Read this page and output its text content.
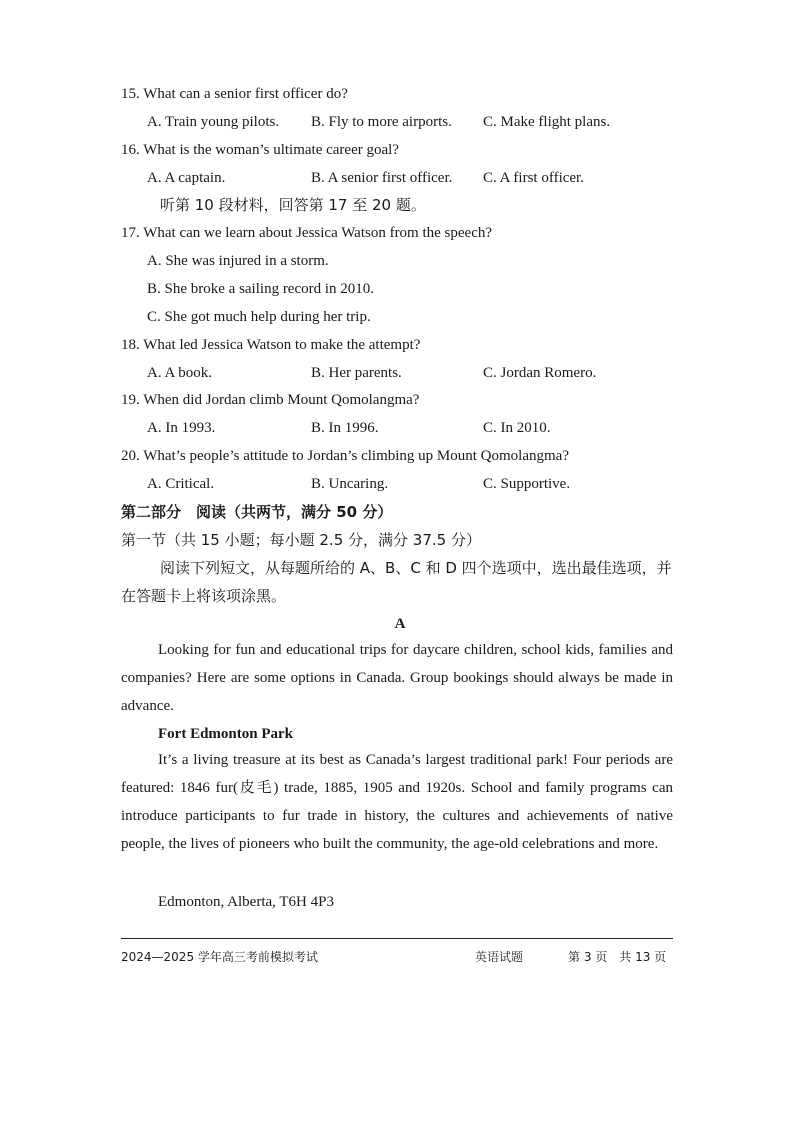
15. What can a senior first officer do?
A. Train young pilots. B. Fly to more airports. C. Make flight plans.
16. What is the woman’s ultimate career goal?
A. A captain.	B. A senior first officer. C. A first officer.
听第 10 段材料，回答第 17 至 20 题。
17. What can we learn about Jessica Watson from the speech?
A. She was injured in a storm.
B. She broke a sailing record in 2010.
C. She got much help during her trip.
18. What led Jessica Watson to make the attempt?
A. A book.	B. Her parents.	C. Jordan Romero.
19. When did Jordan climb Mount Qomolangma?
A. In 1993.	B. In 1996.	C. In 2010.
20. What’s people’s attitude to Jordan’s climbing up Mount Qomolangma?
A. Critical.	B. Uncaring.	C. Supportive.
第二部分　阅读（共两节，满分 50 分）
第一节（共 15 小题；每小题 2.5 分，满分 37.5 分）
阅读下列短文，从每题所给的 A、B、C 和 D 四个选项中，选出最佳选项，并
在答题卡上将该项涂黑。
A

Looking for fun and educational trips for daycare children, school kids, families and companies? Here are some options in Canada. Group bookings should always be made in advance.

Fort Edmonton Park

It’s a living treasure at its best as Canada’s largest traditional park! Four periods are featured: 1846 fur(皮毛) trade, 1885, 1905 and 1920s. School and family programs can introduce participants to fur trade in history, the cultures and achievements of native people, the lives of pioneers who built the community, the age-old celebrations and more.

Edmonton, Alberta, T6H 4P3
2024—2025 学年高三考前模拟考试	英语试题	第 3 页　共 13 页
